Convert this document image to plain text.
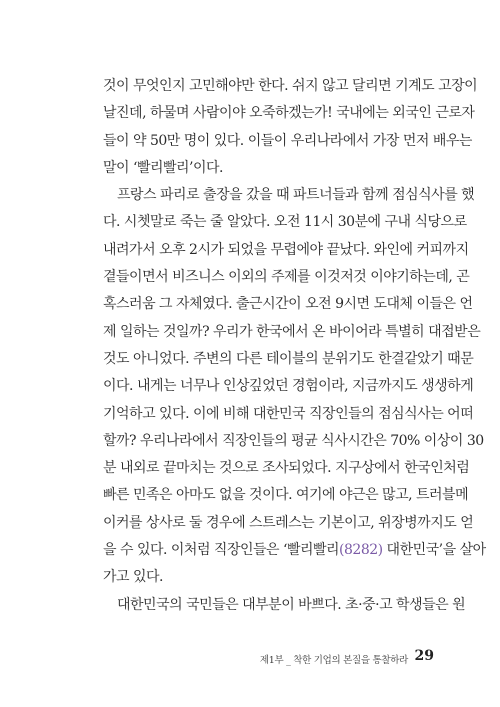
것이 무엇인지 고민해야만 한다. 쉬지 않고 달리면 기계도 고장이
날진데, 하물며 사람이야 오죽하겠는가! 국내에는 외국인 근로자
들이 약 50만 명이 있다. 이들이 우리나라에서 가장 먼저 배우는
말이 ‘빨리빨리’이다.
프랑스 파리로 출장을 갔을 때 파트너들과 함께 점심식사를 했
다. 시쳇말로 죽는 줄 알았다. 오전 11시 30분에 구내 식당으로
내려가서 오후 2시가 되었을 무렵에야 끝났다. 와인에 커피까지
곁들이면서 비즈니스 이외의 주제를 이것저것 이야기하는데, 곤
혹스러움 그 자체였다. 출근시간이 오전 9시면 도대체 이들은 언
제 일하는 것일까? 우리가 한국에서 온 바이어라 특별히 대접받은
것도 아니었다. 주변의 다른 테이블의 분위기도 한결같았기 때문
이다. 내게는 너무나 인상깊었던 경험이라, 지금까지도 생생하게
기억하고 있다. 이에 비해 대한민국 직장인들의 점심식사는 어떠
할까? 우리나라에서 직장인들의 평균 식사시간은 70% 이상이 30
분 내외로 끝마치는 것으로 조사되었다. 지구상에서 한국인처럼
빠른 민족은 아마도 없을 것이다. 여기에 야근은 많고, 트러블메
이커를 상사로 둘 경우에 스트레스는 기본이고, 위장병까지도 얻
을 수 있다. 이처럼 직장인들은 ‘빨리빨리(8282) 대한민국’을 살아
가고 있다.
대한민국의 국민들은 대부분이 바쁘다. 초·중·고 학생들은 원
제1부 _ 착한 기업의 본질을 통찰하라 29
